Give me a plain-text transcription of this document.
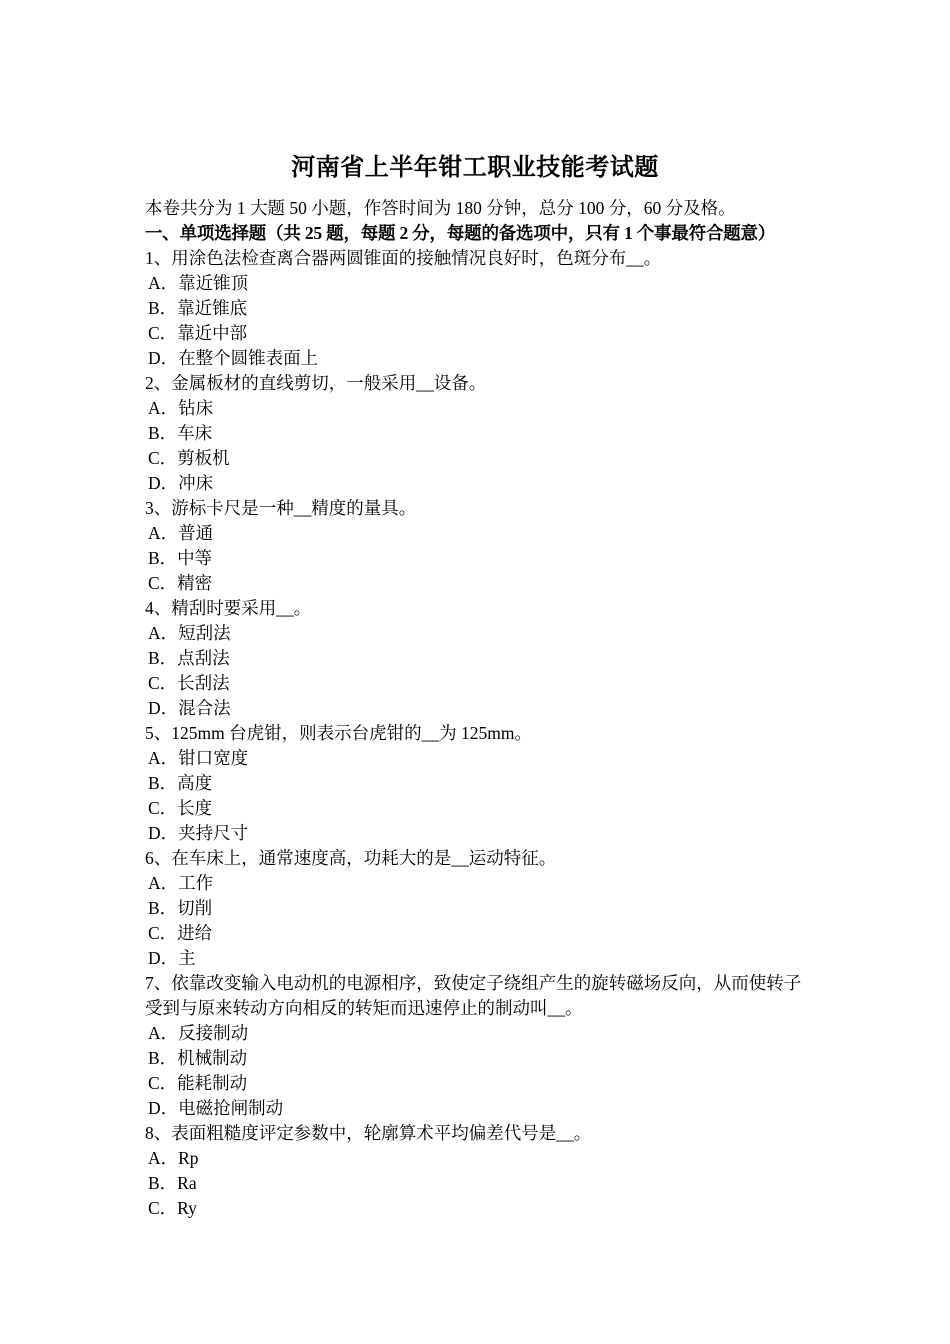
河南省上半年钳工职业技能考试题
本卷共分为 1 大题 50 小题，作答时间为 180 分钟，总分 100 分，60 分及格。
一、单项选择题（共 25 题，每题 2 分，每题的备选项中，只有 1 个事最符合题意）
1、用涂色法检查离合器两圆锥面的接触情况良好时，色斑分布__。
A．靠近锥顶
B．靠近锥底
C．靠近中部
D．在整个圆锥表面上
2、金属板材的直线剪切，一般采用__设备。
A．钻床
B．车床
C．剪板机
D．冲床
3、游标卡尺是一种__精度的量具。
A．普通
B．中等
C．精密
4、精刮时要采用__。
A．短刮法
B．点刮法
C．长刮法
D．混合法
5、125mm 台虎钳，则表示台虎钳的__为 125mm。
A．钳口宽度
B．高度
C．长度
D．夹持尺寸
6、在车床上，通常速度高，功耗大的是__运动特征。
A．工作
B．切削
C．进给
D．主
7、依靠改变输入电动机的电源相序，致使定子绕组产生的旋转磁场反向，从而使转子受到与原来转动方向相反的转矩而迅速停止的制动叫__。
A．反接制动
B．机械制动
C．能耗制动
D．电磁抢闸制动
8、表面粗糙度评定参数中，轮廓算术平均偏差代号是__。
A．Rp
B．Ra
C．Ry
